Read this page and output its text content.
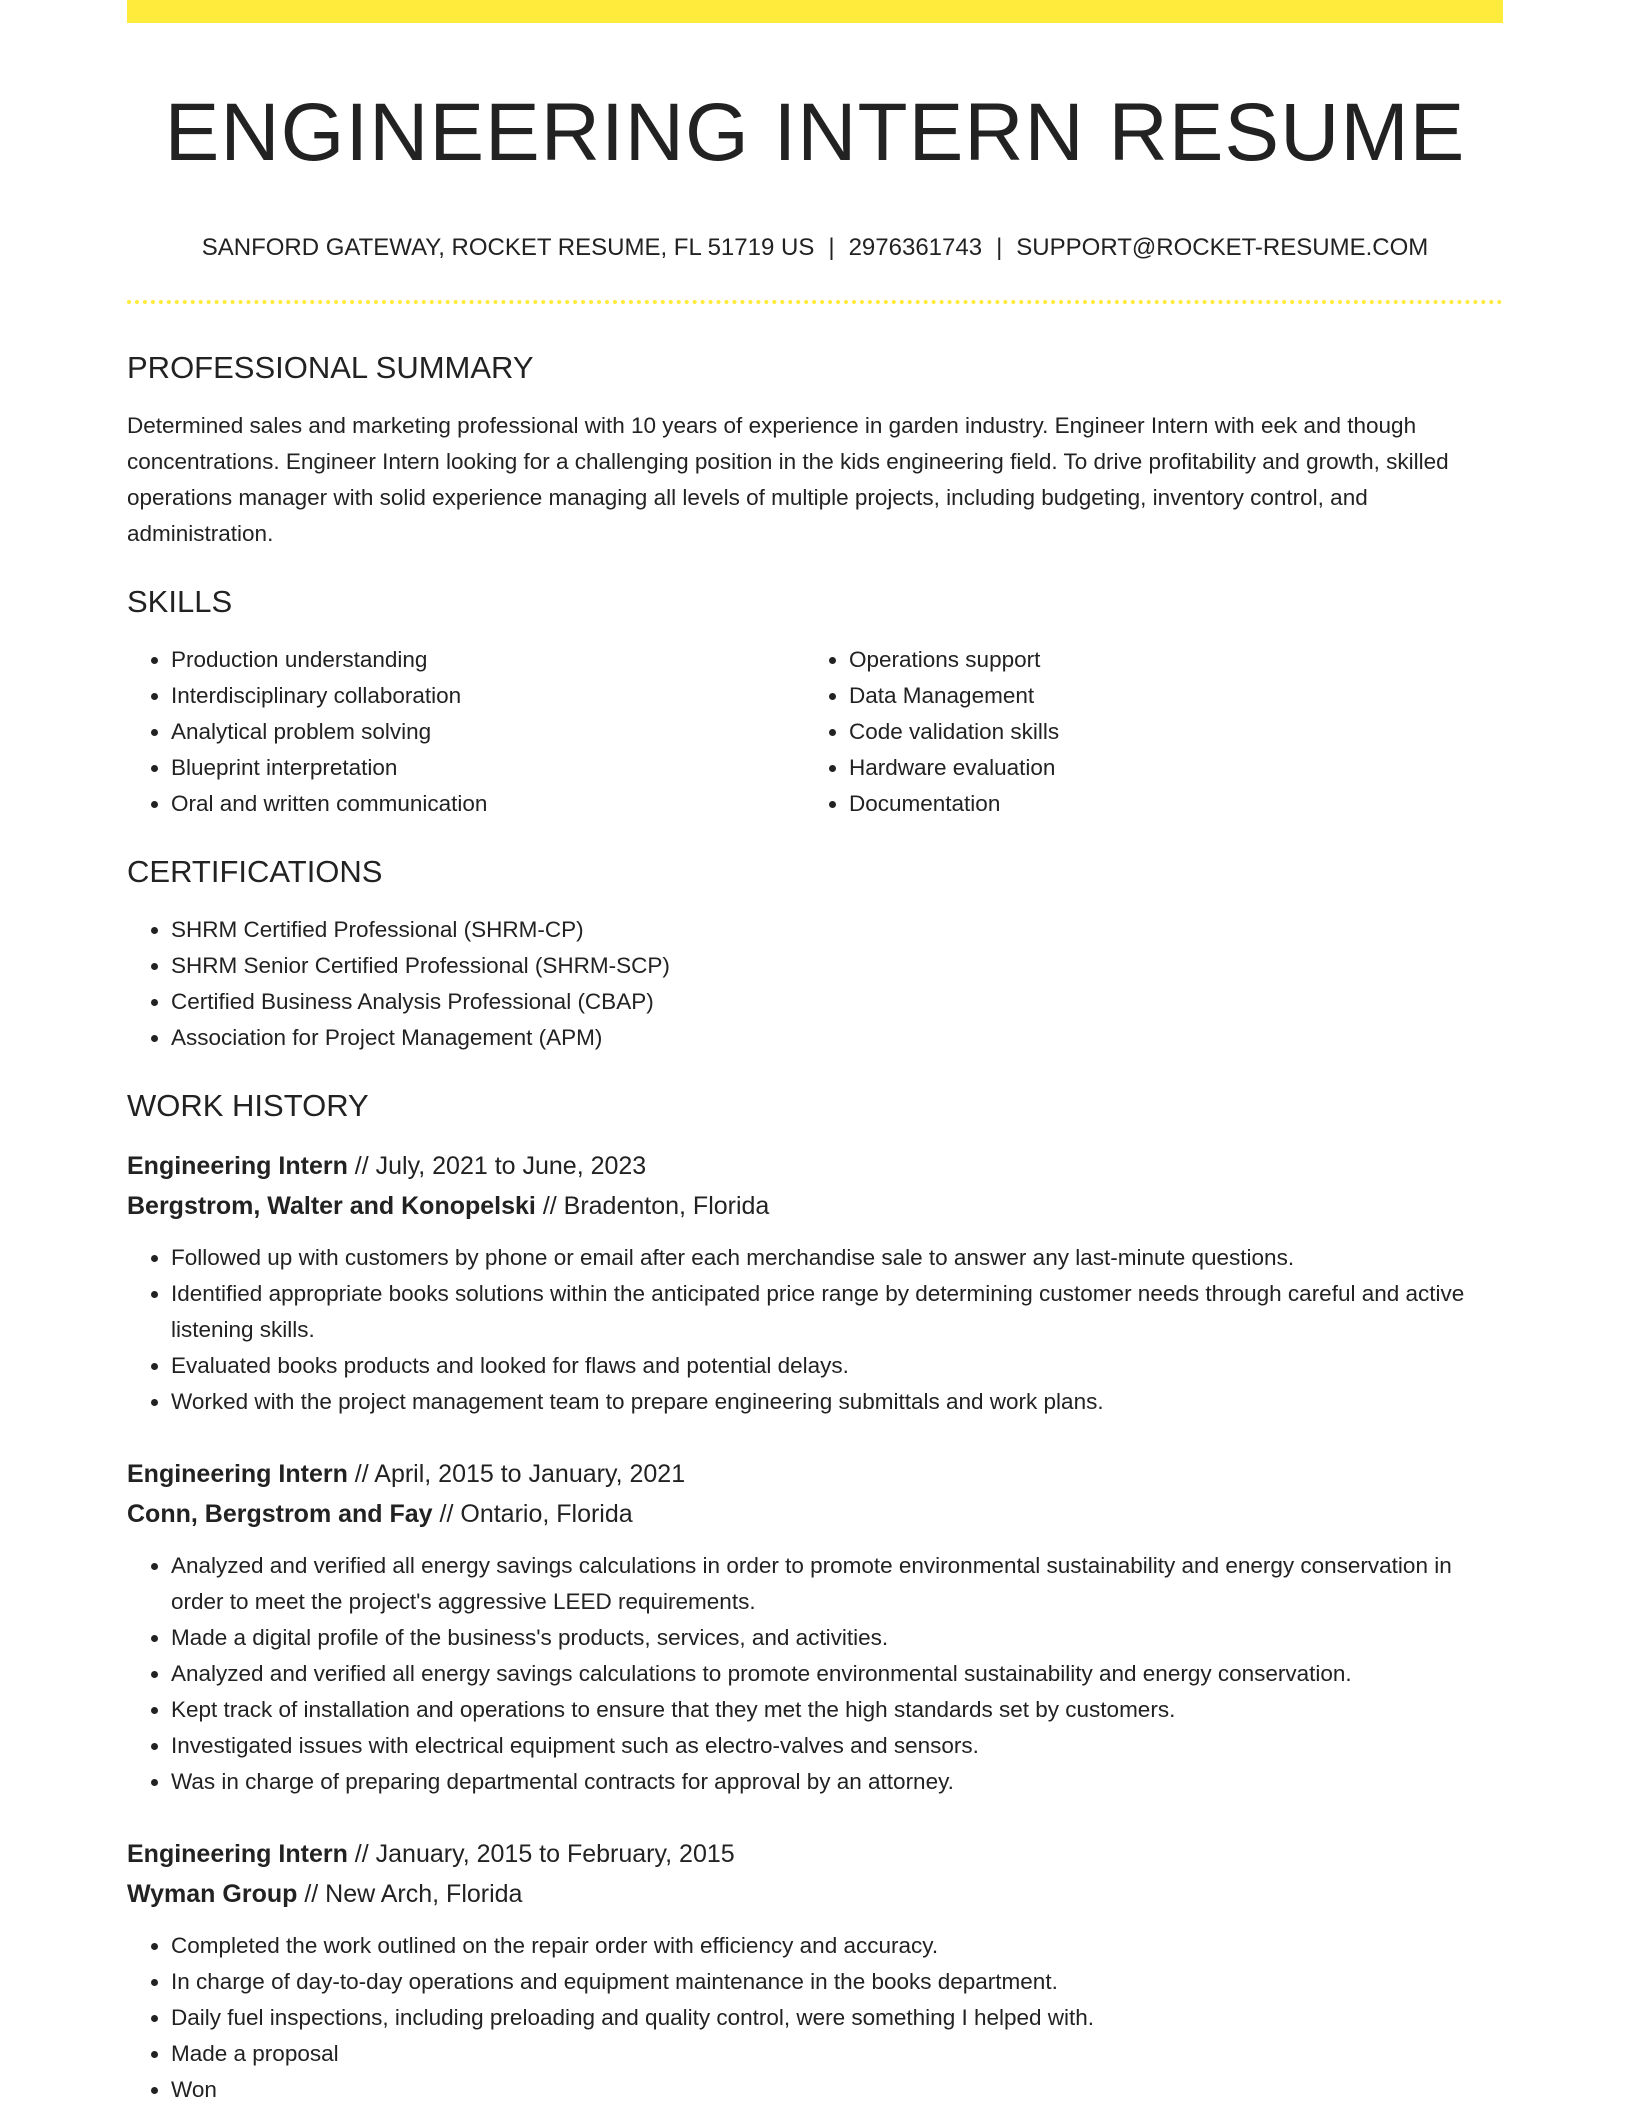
ENGINEERING INTERN RESUME
SANFORD GATEWAY, ROCKET RESUME, FL 51719 US | 2976361743 | SUPPORT@ROCKET-RESUME.COM
PROFESSIONAL SUMMARY

Determined sales and marketing professional with 10 years of experience in garden industry. Engineer Intern with eek and though concentrations. Engineer Intern looking for a challenging position in the kids engineering field. To drive profitability and growth, skilled operations manager with solid experience managing all levels of multiple projects, including budgeting, inventory control, and administration.

SKILLS
• Production understanding
• Interdisciplinary collaboration
• Analytical problem solving
• Blueprint interpretation
• Oral and written communication
• Operations support
• Data Management
• Code validation skills
• Hardware evaluation
• Documentation
CERTIFICATIONS
• SHRM Certified Professional (SHRM-CP)
• SHRM Senior Certified Professional (SHRM-SCP)
• Certified Business Analysis Professional (CBAP)
• Association for Project Management (APM)
WORK HISTORY
Engineering Intern // July, 2021 to June, 2023
Bergstrom, Walter and Konopelski // Bradenton, Florida
• Followed up with customers by phone or email after each merchandise sale to answer any last-minute questions.
• Identified appropriate books solutions within the anticipated price range by determining customer needs through careful and active listening skills.
• Evaluated books products and looked for flaws and potential delays.
• Worked with the project management team to prepare engineering submittals and work plans.
Engineering Intern // April, 2015 to January, 2021
Conn, Bergstrom and Fay // Ontario, Florida
• Analyzed and verified all energy savings calculations in order to promote environmental sustainability and energy conservation in order to meet the project's aggressive LEED requirements.
• Made a digital profile of the business's products, services, and activities.
• Analyzed and verified all energy savings calculations to promote environmental sustainability and energy conservation.
• Kept track of installation and operations to ensure that they met the high standards set by customers.
• Investigated issues with electrical equipment such as electro-valves and sensors.
• Was in charge of preparing departmental contracts for approval by an attorney.
Engineering Intern // January, 2015 to February, 2015
Wyman Group // New Arch, Florida
• Completed the work outlined on the repair order with efficiency and accuracy.
• In charge of day-to-day operations and equipment maintenance in the books department.
• Daily fuel inspections, including preloading and quality control, were something I helped with.
• Made a proposal
• Won
